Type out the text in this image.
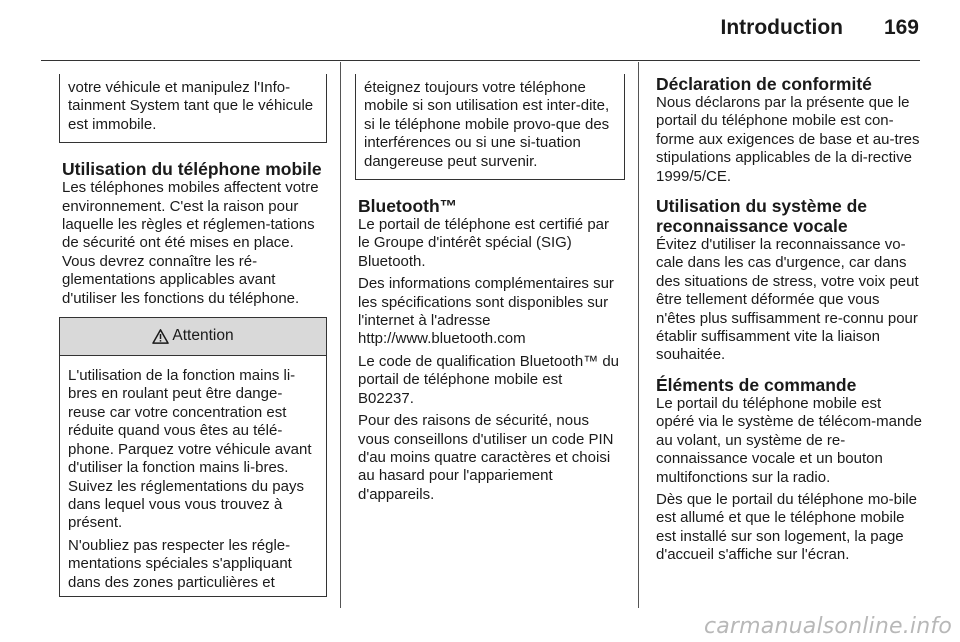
Introduction 169

votre véhicule et manipulez l'Info-tainment System tant que le véhicule est immobile.

Utilisation du téléphone mobile

Les téléphones mobiles affectent votre environnement. C'est la raison pour laquelle les règles et réglemen-tations de sécurité ont été mises en place. Vous devrez connaître les ré-glementations applicables avant d'utiliser les fonctions du téléphone.

Attention

L'utilisation de la fonction mains li-bres en roulant peut être dange-reuse car votre concentration est réduite quand vous êtes au télé-phone. Parquez votre véhicule avant d'utiliser la fonction mains li-bres. Suivez les réglementations du pays dans lequel vous vous trouvez à présent.

N'oubliez pas respecter les régle-mentations spéciales s'appliquant dans des zones particulières et

éteignez toujours votre téléphone mobile si son utilisation est inter-dite, si le téléphone mobile provo-que des interférences ou si une si-tuation dangereuse peut survenir.

Bluetooth™

Le portail de téléphone est certifié par le Groupe d'intérêt spécial (SIG) Bluetooth.

Des informations complémentaires sur les spécifications sont disponibles sur l'internet à l'adresse
http://www.bluetooth.com

Le code de qualification Bluetooth™ du portail de téléphone mobile est B02237.

Pour des raisons de sécurité, nous vous conseillons d'utiliser un code PIN d'au moins quatre caractères et choisi au hasard pour l'appariement d'appareils.

Déclaration de conformité

Nous déclarons par la présente que le portail du téléphone mobile est con-forme aux exigences de base et au-tres stipulations applicables de la di-rective 1999/5/CE.

Utilisation du système de reconnaissance vocale

Évitez d'utiliser la reconnaissance vo-cale dans les cas d'urgence, car dans des situations de stress, votre voix peut être tellement déformée que vous n'êtes plus suffisamment re-connu pour établir suffisamment vite la liaison souhaitée.

Éléments de commande

Le portail du téléphone mobile est opéré via le système de télécom-mande au volant, un système de re-connaissance vocale et un bouton multifonctions sur la radio.

Dès que le portail du téléphone mo-bile est allumé et que le téléphone mobile est installé sur son logement, la page d'accueil s'affiche sur l'écran.

carmanualsonline.info
